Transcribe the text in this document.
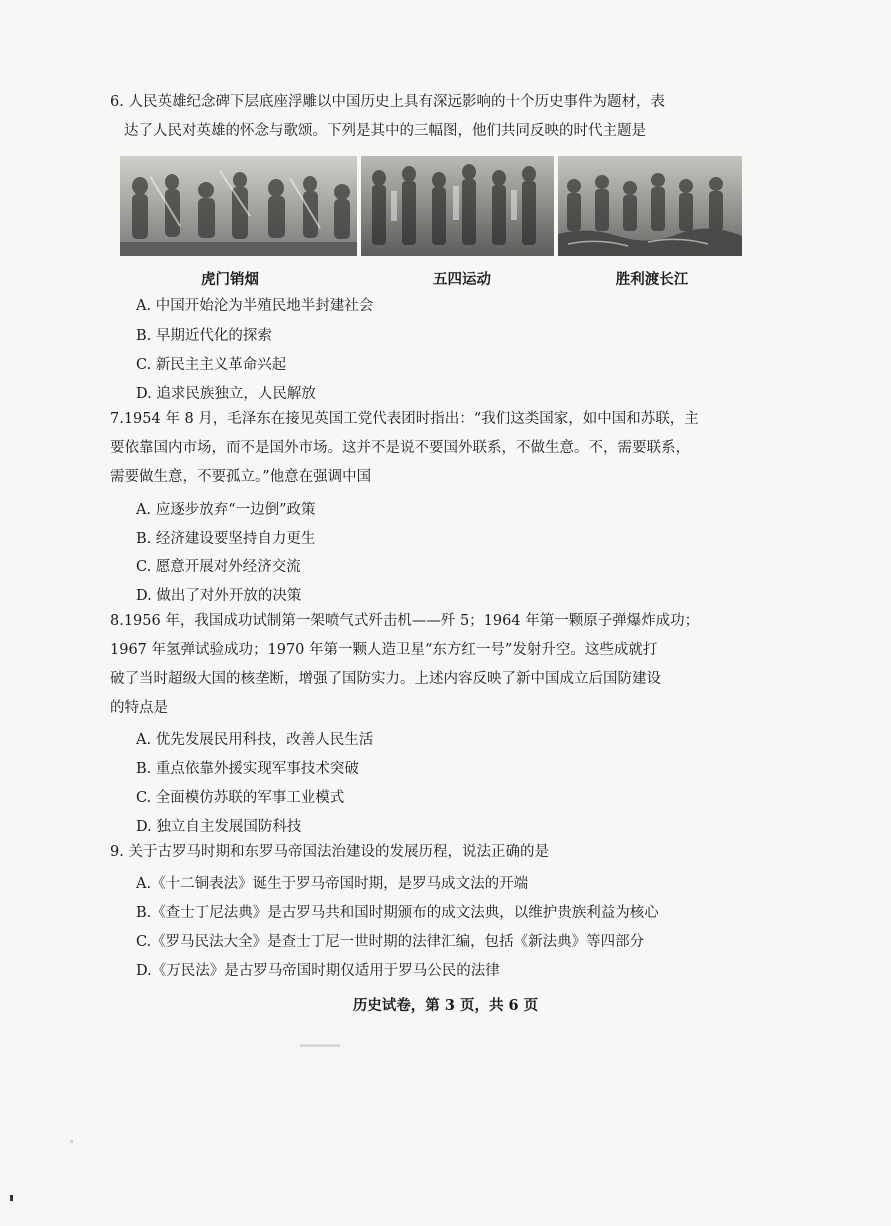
6. 人民英雄纪念碑下层底座浮雕以中国历史上具有深远影响的十个历史事件为题材，表
达了人民对英雄的怀念与歌颂。下列是其中的三幅图，他们共同反映的时代主题是

虎门销烟	五四运动	胜利渡长江

A. 中国开始沦为半殖民地半封建社会

B. 早期近代化的探索

C. 新民主主义革命兴起

D. 追求民族独立，人民解放

7.1954 年 8 月，毛泽东在接见英国工党代表团时指出：“我们这类国家，如中国和苏联，主
要依靠国内市场，而不是国外市场。这并不是说不要国外联系，不做生意。不，需要联系，
需要做生意，不要孤立。”他意在强调中国

A. 应逐步放弃“一边倒”政策

B. 经济建设要坚持自力更生

C. 愿意开展对外经济交流

D. 做出了对外开放的决策

8.1956 年，我国成功试制第一架喷气式歼击机——歼 5；1964 年第一颗原子弹爆炸成功；
1967 年氢弹试验成功；1970 年第一颗人造卫星“东方红一号”发射升空。这些成就打
破了当时超级大国的核垄断，增强了国防实力。上述内容反映了新中国成立后国防建设
的特点是

A. 优先发展民用科技，改善人民生活

B. 重点依靠外援实现军事技术突破

C. 全面模仿苏联的军事工业模式

D. 独立自主发展国防科技

9. 关于古罗马时期和东罗马帝国法治建设的发展历程，说法正确的是

A.《十二铜表法》诞生于罗马帝国时期，是罗马成文法的开端

B.《查士丁尼法典》是古罗马共和国时期颁布的成文法典，以维护贵族利益为核心

C.《罗马民法大全》是查士丁尼一世时期的法律汇编，包括《新法典》等四部分

D.《万民法》是古罗马帝国时期仅适用于罗马公民的法律

历史试卷，第 3 页，共 6 页
